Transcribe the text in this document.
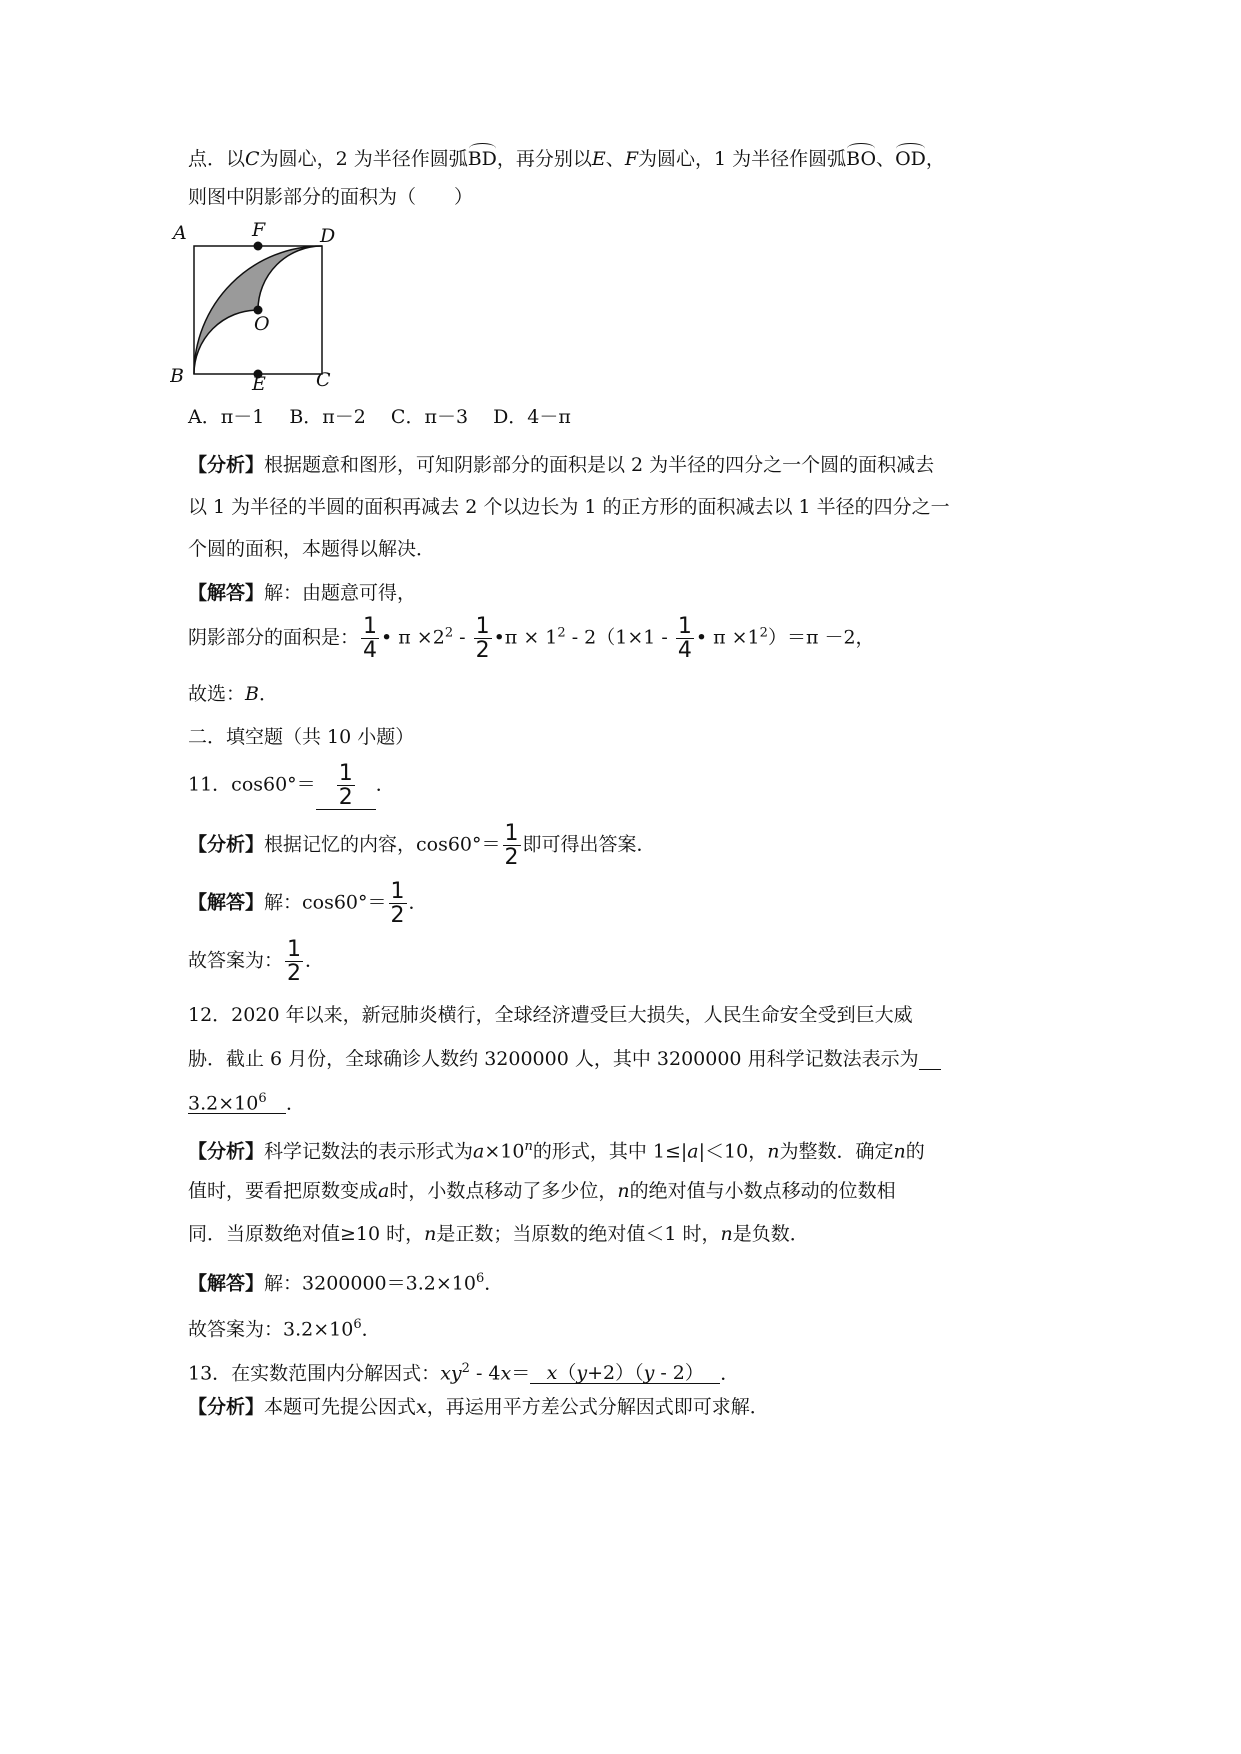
点．以C为圆心，2 为半径作圆弧BD，再分别以E、F为圆心，1 为半径作圆弧BO、OD，
则图中阴影部分的面积为（　　）
A	F	D
O
B	E	C
A．π－1　 B．π－2　 C．π－3　 D．4－π
【分析】根据题意和图形，可知阴影部分的面积是以 2 为半径的四分之一个圆的面积减去
以 1 为半径的半圆的面积再减去 2 个以边长为 1 的正方形的面积减去以 1 半径的四分之一
个圆的面积，本题得以解决．
【解答】解：由题意可得，
阴影部分的面积是： $\frac{1}{4}$ • $\pi \times 2^2 - \frac{1}{2}$ •π × $1^2 - 2(1\times 1 - \frac{1}{4}$ • $\pi \times 1^2)=\pi -2$，
故选：B．
二．填空题（共 10 小题）
11．$\cos 60^\circ= \frac{1}{2}$ ．
【分析】根据记忆的内容，$\cos 60^\circ= \frac{1}{2}$ 即可得出答案．
【解答】解：$\cos 60^\circ= \frac{1}{2}$ ．
故答案为： $\frac{1}{2}$ ．
12．2020 年以来，新冠肺炎横行，全球经济遭受巨大损失，人民生命安全受到巨大威
胁．截止 6 月份，全球确诊人数约 3200000 人，其中 3200000 用科学记数法表示为
$3.2\times 10^6$ ．
【分析】科学记数法的表示形式为$a\times 10^n$的形式，其中 1≤|a|＜10，n为整数．确定n的
值时，要看把原数变成a时，小数点移动了多少位，n的绝对值与小数点移动的位数相
同．当原数绝对值≥10 时，n是正数；当原数的绝对值＜1 时，n是负数．
【解答】解：$3200000=3.2\times 10^6$．
故答案为：$3.2\times 10^6$．
13．在实数范围内分解因式：$xy^2 - 4x= x(y+2)(y - 2)$ ．
【分析】本题可先提公因式x，再运用平方差公式分解因式即可求解．
